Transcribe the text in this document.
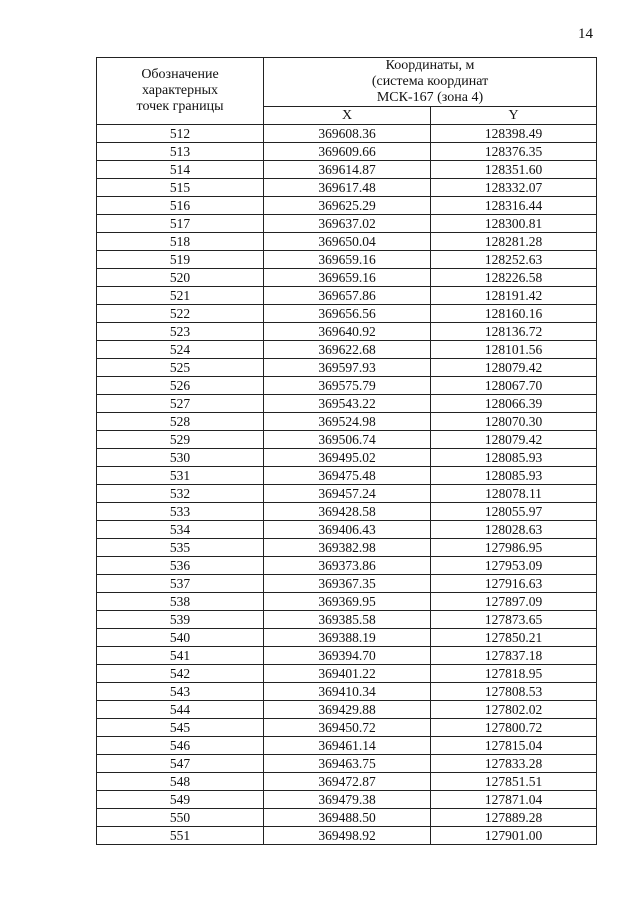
14
Обозначение
характерных
точек границы	Координаты, м
(система координат
МСК-167 (зона 4)	

	X	Y
512	369608.36	128398.49
513	369609.66	128376.35
514	369614.87	128351.60
515	369617.48	128332.07
516	369625.29	128316.44
517	369637.02	128300.81
518	369650.04	128281.28
519	369659.16	128252.63
520	369659.16	128226.58
521	369657.86	128191.42
522	369656.56	128160.16
523	369640.92	128136.72
524	369622.68	128101.56
525	369597.93	128079.42
526	369575.79	128067.70
527	369543.22	128066.39
528	369524.98	128070.30
529	369506.74	128079.42
530	369495.02	128085.93
531	369475.48	128085.93
532	369457.24	128078.11
533	369428.58	128055.97
534	369406.43	128028.63
535	369382.98	127986.95
536	369373.86	127953.09
537	369367.35	127916.63
538	369369.95	127897.09
539	369385.58	127873.65
540	369388.19	127850.21
541	369394.70	127837.18
542	369401.22	127818.95
543	369410.34	127808.53
544	369429.88	127802.02
545	369450.72	127800.72
546	369461.14	127815.04
547	369463.75	127833.28
548	369472.87	127851.51
549	369479.38	127871.04
550	369488.50	127889.28
551	369498.92	127901.00
